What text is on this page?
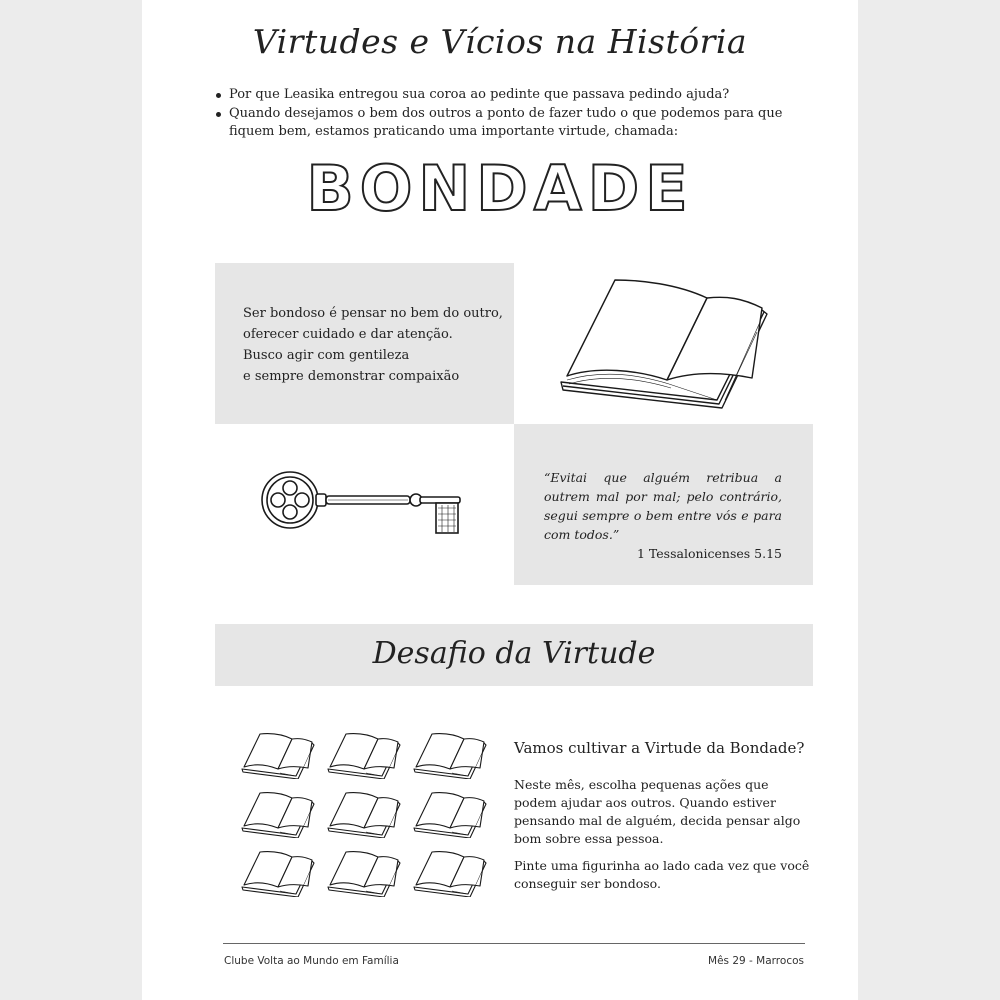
Virtudes e Vícios na História
Por que Leasika entregou sua coroa ao pedinte que passava pedindo ajuda?
Quando desejamos o bem dos outros a ponto de fazer tudo o que podemos para que fiquem bem, estamos praticando uma importante virtude, chamada:
BONDADE
Ser bondoso é pensar no bem do outro,
oferecer cuidado e dar atenção.
Busco agir com gentileza
e sempre demonstrar compaixão
“Evitai que alguém retribua a outrem mal por mal; pelo contrário, segui sempre o bem entre vós e para com todos.”
1 Tessalonicenses 5.15
Desafio da Virtude
Vamos cultivar a Virtude da Bondade?

Neste mês, escolha pequenas ações que podem ajudar aos outros. Quando estiver pensando mal de alguém, decida pensar algo bom sobre essa pessoa.

Pinte uma figurinha ao lado cada vez que você conseguir ser bondoso.

Clube Volta ao Mundo em Família	Mês 29 - Marrocos
